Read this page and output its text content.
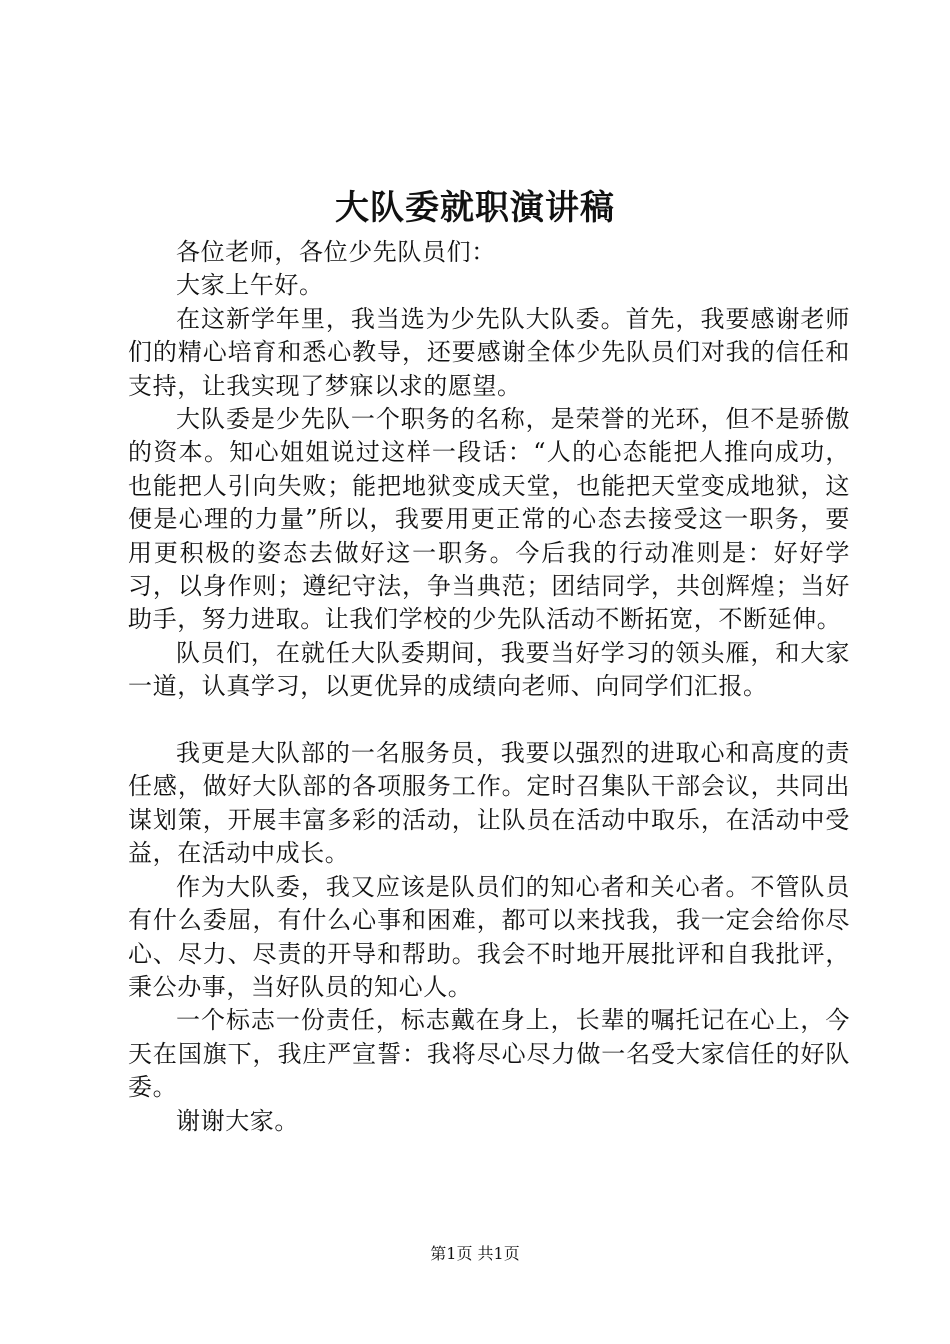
大队委就职演讲稿

各位老师，各位少先队员们：

大家上午好。

在这新学年里，我当选为少先队大队委。首先，我要感谢老师们的精心培育和悉心教导，还要感谢全体少先队员们对我的信任和支持，让我实现了梦寐以求的愿望。

大队委是少先队一个职务的名称，是荣誉的光环，但不是骄傲的资本。知心姐姐说过这样一段话：“人的心态能把人推向成功，也能把人引向失败；能把地狱变成天堂，也能把天堂变成地狱，这便是心理的力量”所以，我要用更正常的心态去接受这一职务，要用更积极的姿态去做好这一职务。今后我的行动准则是：好好学习，以身作则；遵纪守法，争当典范；团结同学，共创辉煌；当好助手，努力进取。让我们学校的少先队活动不断拓宽，不断延伸。

队员们，在就任大队委期间，我要当好学习的领头雁，和大家一道，认真学习，以更优异的成绩向老师、向同学们汇报。

我更是大队部的一名服务员，我要以强烈的进取心和高度的责任感，做好大队部的各项服务工作。定时召集队干部会议，共同出谋划策，开展丰富多彩的活动，让队员在活动中取乐，在活动中受益，在活动中成长。

作为大队委，我又应该是队员们的知心者和关心者。不管队员有什么委屈，有什么心事和困难，都可以来找我，我一定会给你尽心、尽力、尽责的开导和帮助。我会不时地开展批评和自我批评，秉公办事，当好队员的知心人。

一个标志一份责任，标志戴在身上，长辈的嘱托记在心上，今天在国旗下，我庄严宣誓：我将尽心尽力做一名受大家信任的好队委。

谢谢大家。

第1页 共1页
